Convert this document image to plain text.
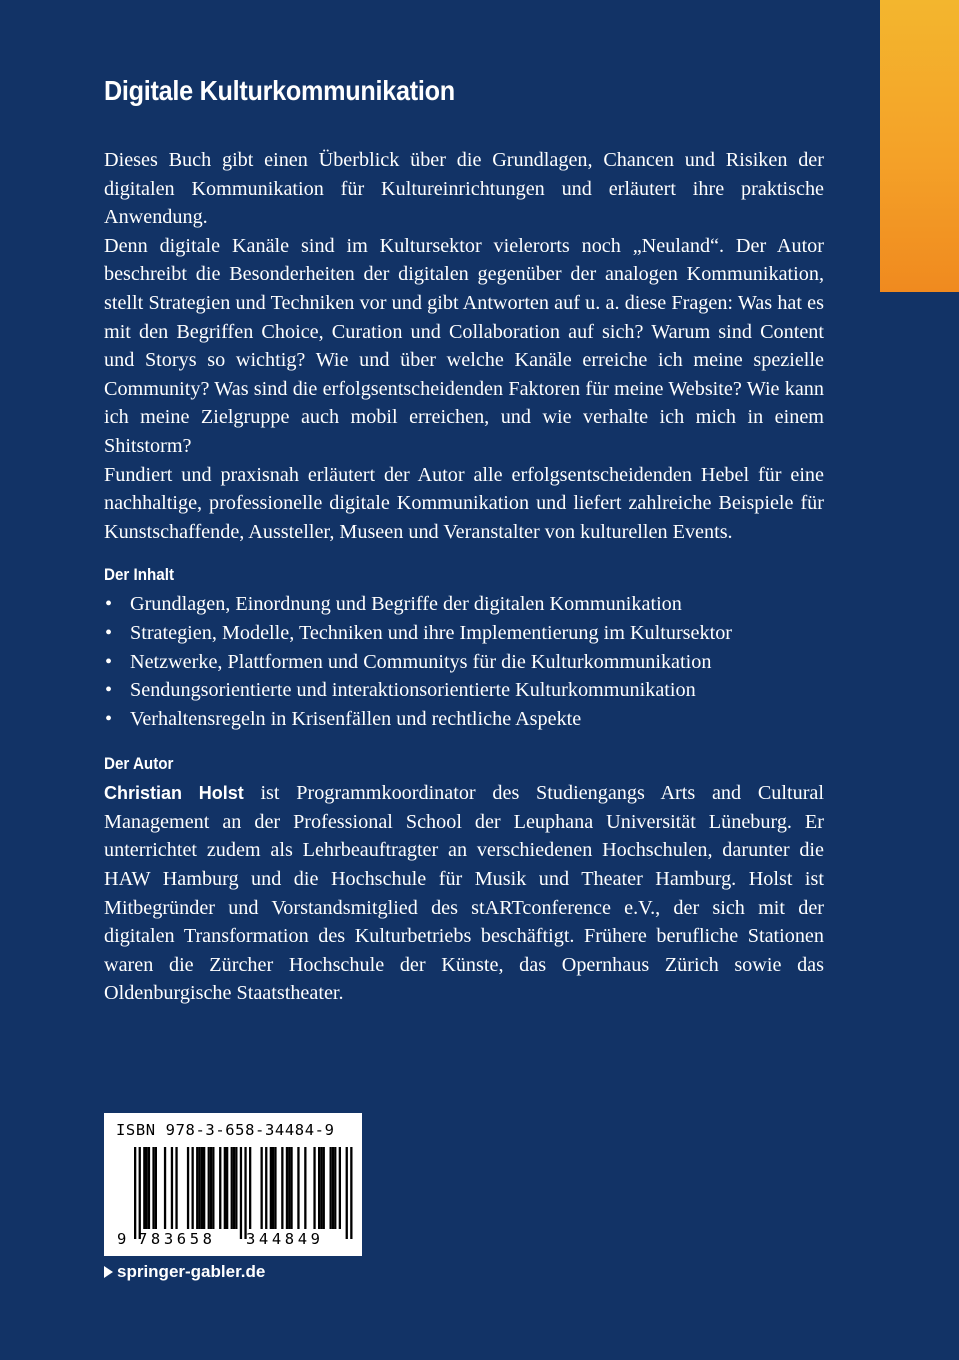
Digitale Kulturkommunikation

Dieses Buch gibt einen Überblick über die Grundlagen, Chancen und Risiken der digitalen Kommunikation für Kultureinrichtungen und erläutert ihre praktische Anwendung.

Denn digitale Kanäle sind im Kultursektor vielerorts noch „Neuland“. Der Autor beschreibt die Besonderheiten der digitalen gegenüber der analogen Kommunikation, stellt Strategien und Techniken vor und gibt Antworten auf u. a. diese Fragen: Was hat es mit den Begriffen Choice, Curation und Collaboration auf sich? Warum sind Content und Storys so wichtig? Wie und über welche Kanäle erreiche ich meine spezielle Community? Was sind die erfolgsentscheidenden Faktoren für meine Website? Wie kann ich meine Zielgruppe auch mobil erreichen, und wie verhalte ich mich in einem Shitstorm?

Fundiert und praxisnah erläutert der Autor alle erfolgsentscheidenden Hebel für eine nachhaltige, professionelle digitale Kommunikation und liefert zahlreiche Beispiele für Kunstschaffende, Aussteller, Museen und Veranstalter von kulturellen Events.

Der Inhalt
• Grundlagen, Einordnung und Begriffe der digitalen Kommunikation
• Strategien, Modelle, Techniken und ihre Implementierung im Kultursektor
• Netzwerke, Plattformen und Communitys für die Kulturkommunikation
• Sendungsorientierte und interaktionsorientierte Kulturkommunikation
• Verhaltensregeln in Krisenfällen und rechtliche Aspekte
Der Autor

Christian Holst ist Programmkoordinator des Studiengangs Arts and Cultural Management an der Professional School der Leuphana Universität Lüneburg. Er unterrichtet zudem als Lehrbeauftragter an verschiedenen Hochschulen, darunter die HAW Hamburg und die Hochschule für Musik und Theater Hamburg. Holst ist Mitbegründer und Vorstandsmitglied des stARTconference e.V., der sich mit der digitalen Transformation des Kulturbetriebs beschäftigt. Frühere berufliche Stationen waren die Zürcher Hochschule der Künste, das Opernhaus Zürich sowie das Oldenburgische Staatstheater.

ISBN 978-3-658-34484-9
9 783658 344849
springer-gabler.de
